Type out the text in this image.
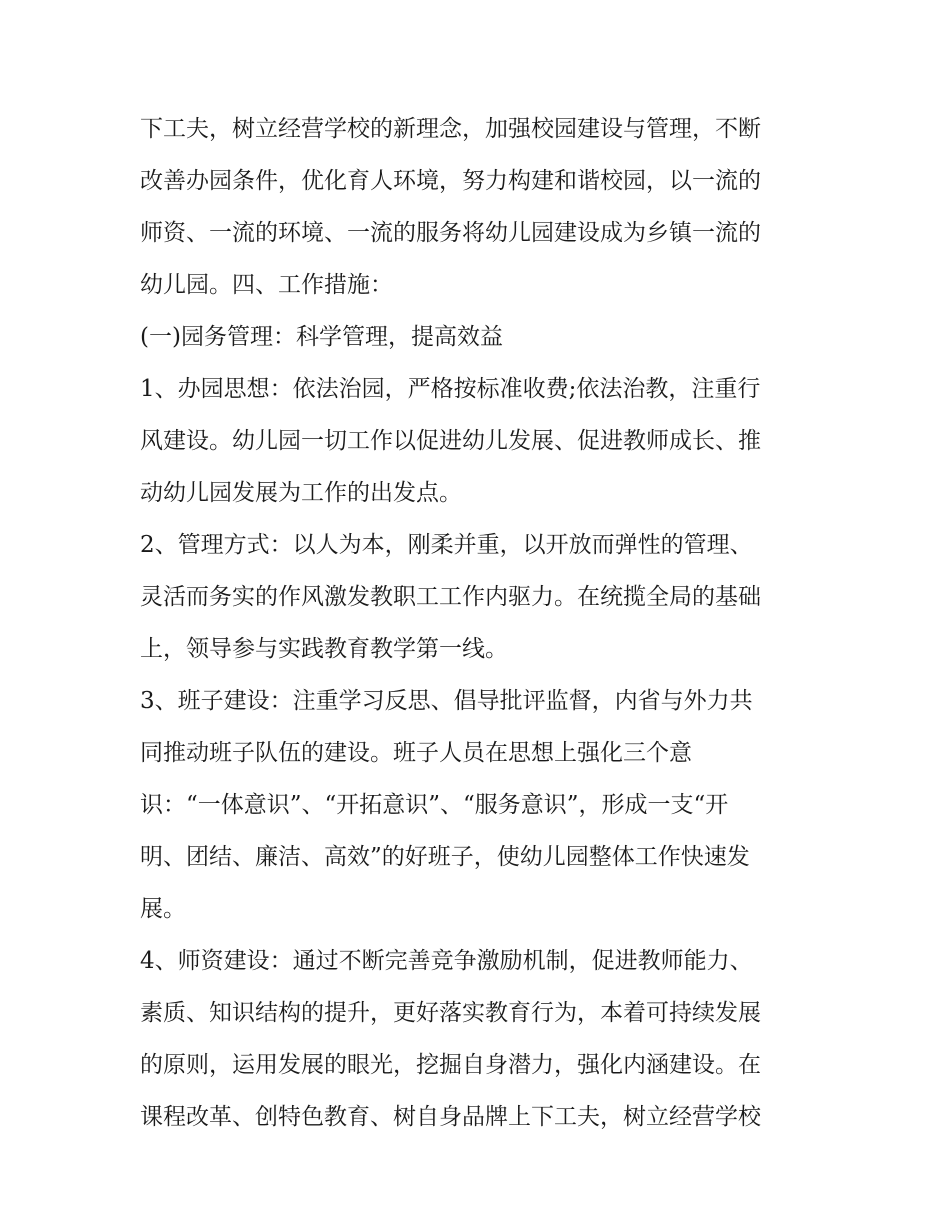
下工夫，树立经营学校的新理念，加强校园建设与管理，不断
改善办园条件，优化育人环境，努力构建和谐校园，以一流的
师资、一流的环境、一流的服务将幼儿园建设成为乡镇一流的
幼儿园。四、工作措施：
(一)园务管理：科学管理，提高效益
1、办园思想：依法治园，严格按标准收费;依法治教，注重行
风建设。幼儿园一切工作以促进幼儿发展、促进教师成长、推
动幼儿园发展为工作的出发点。
2、管理方式：以人为本，刚柔并重，以开放而弹性的管理、
灵活而务实的作风激发教职工工作内驱力。在统揽全局的基础
上，领导参与实践教育教学第一线。
3、班子建设：注重学习反思、倡导批评监督，内省与外力共
同推动班子队伍的建设。班子人员在思想上强化三个意
识：“一体意识”、“开拓意识”、“服务意识”，形成一支“开
明、团结、廉洁、高效”的好班子，使幼儿园整体工作快速发
展。
4、师资建设：通过不断完善竞争激励机制，促进教师能力、
素质、知识结构的提升，更好落实教育行为，本着可持续发展
的原则，运用发展的眼光，挖掘自身潜力，强化内涵建设。在
课程改革、创特色教育、树自身品牌上下工夫，树立经营学校
